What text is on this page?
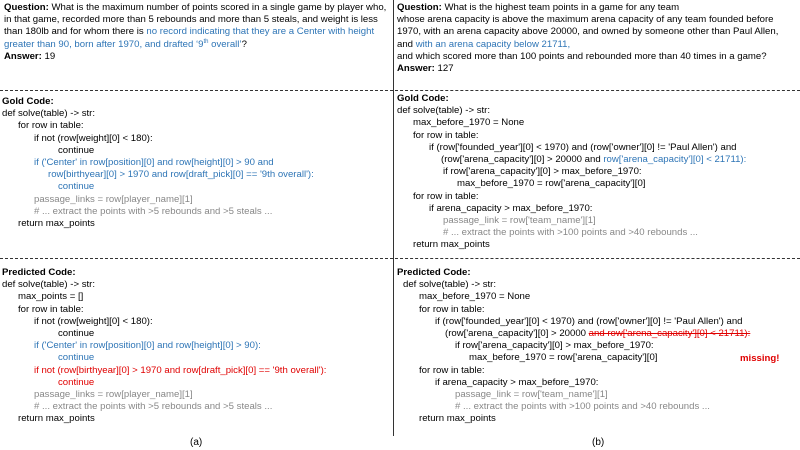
Question: What is the maximum number of points scored in a single game by player who,
in that game, recorded more than 5 rebounds and more than 5 steals, and weight is less
than 180lb and for whom there is no record indicating that they are a Center with height
greater than 90, born after 1970, and drafted ‘9th overall’?
Answer: 19
Gold Code:
def solve(table) -> str:
for row in table:
if not (row[weight][0] < 180):
continue
if ('Center' in row[position][0] and row[height][0] > 90 and
row[birthyear][0] > 1970 and row[draft_pick][0] == '9th overall'):
continue
passage_links = row[player_name][1]
# ... extract the points with >5 rebounds and >5 steals ...
return max_points
Predicted Code:
def solve(table) -> str:
max_points = []
for row in table:
if not (row[weight][0] < 180):
continue
if ('Center' in row[position][0] and row[height][0] > 90):
continue
if not (row[birthyear][0] > 1970 and row[draft_pick][0] == '9th overall'):
continue
passage_links = row[player_name][1]
# ... extract the points with >5 rebounds and >5 steals ...
return max_points
(a)
Question: What is the highest team points in a game for any team
whose arena capacity is above the maximum arena capacity of any team founded before
1970, with an arena capacity above 20000, and owned by someone other than Paul Allen,
and with an arena capacity below 21711,
and which scored more than 100 points and rebounded more than 40 times in a game?
Answer: 127
Gold Code:
def solve(table) -> str:
max_before_1970 = None
for row in table:
if (row['founded_year'][0] < 1970) and (row['owner'][0] != 'Paul Allen') and
(row['arena_capacity'][0] > 20000 and row['arena_capacity'][0] < 21711):
if row['arena_capacity'][0] > max_before_1970:
max_before_1970 = row['arena_capacity'][0]
for row in table:
if arena_capacity > max_before_1970:
passage_link = row['team_name'][1]
# ... extract the points with >100 points and >40 rebounds ...
return max_points
Predicted Code:
def solve(table) -> str:
max_before_1970 = None
for row in table:
if (row['founded_year'][0] < 1970) and (row['owner'][0] != 'Paul Allen') and
(row['arena_capacity'][0] > 20000 and row['arena_capacity'][0] < 21711):
if row['arena_capacity'][0] > max_before_1970:
max_before_1970 = row['arena_capacity'][0]
for row in table:
if arena_capacity > max_before_1970:
passage_link = row['team_name'][1]
# ... extract the points with >100 points and >40 rebounds ...
return max_points
missing!
(b)
